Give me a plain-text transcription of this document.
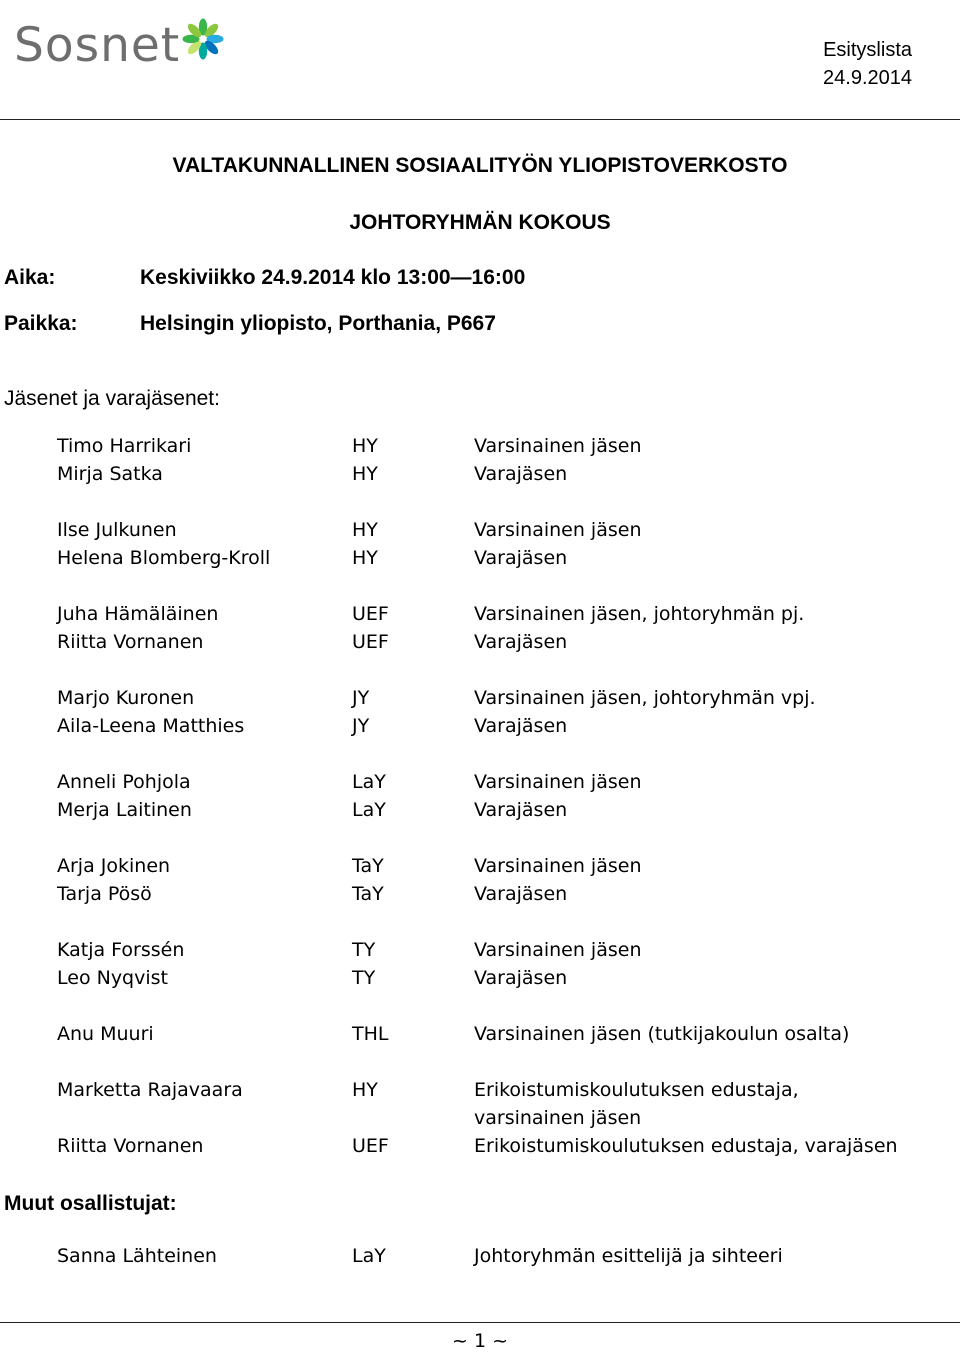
Sosnet	Esityslista
24.9.2014
VALTAKUNNALLINEN SOSIAALITYÖN YLIOPISTOVERKOSTO
JOHTORYHMÄN KOKOUS
Aika:	Keskiviikko 24.9.2014 klo 13:00—16:00
Paikka:	Helsingin yliopisto, Porthania, P667
Jäsenet ja varajäsenet:
Timo Harrikari	HY	Varsinainen jäsen
Mirja Satka	HY	Varajäsen
Ilse Julkunen	HY	Varsinainen jäsen
Helena Blomberg-Kroll	HY	Varajäsen
Juha Hämäläinen	UEF	Varsinainen jäsen, johtoryhmän pj.
Riitta Vornanen	UEF	Varajäsen
Marjo Kuronen	JY	Varsinainen jäsen, johtoryhmän vpj.
Aila-Leena Matthies	JY	Varajäsen
Anneli Pohjola	LaY	Varsinainen jäsen
Merja Laitinen	LaY	Varajäsen
Arja Jokinen	TaY	Varsinainen jäsen
Tarja Pösö	TaY	Varajäsen
Katja Forssén	TY	Varsinainen jäsen
Leo Nyqvist	TY	Varajäsen
Anu Muuri	THL	Varsinainen jäsen (tutkijakoulun osalta)
Marketta Rajavaara	HY	Erikoistumiskoulutuksen edustaja, varsinainen jäsen
Riitta Vornanen	UEF	Erikoistumiskoulutuksen edustaja, varajäsen
Muut osallistujat:
Sanna Lähteinen	LaY	Johtoryhmän esittelijä ja sihteeri
~ 1 ~
